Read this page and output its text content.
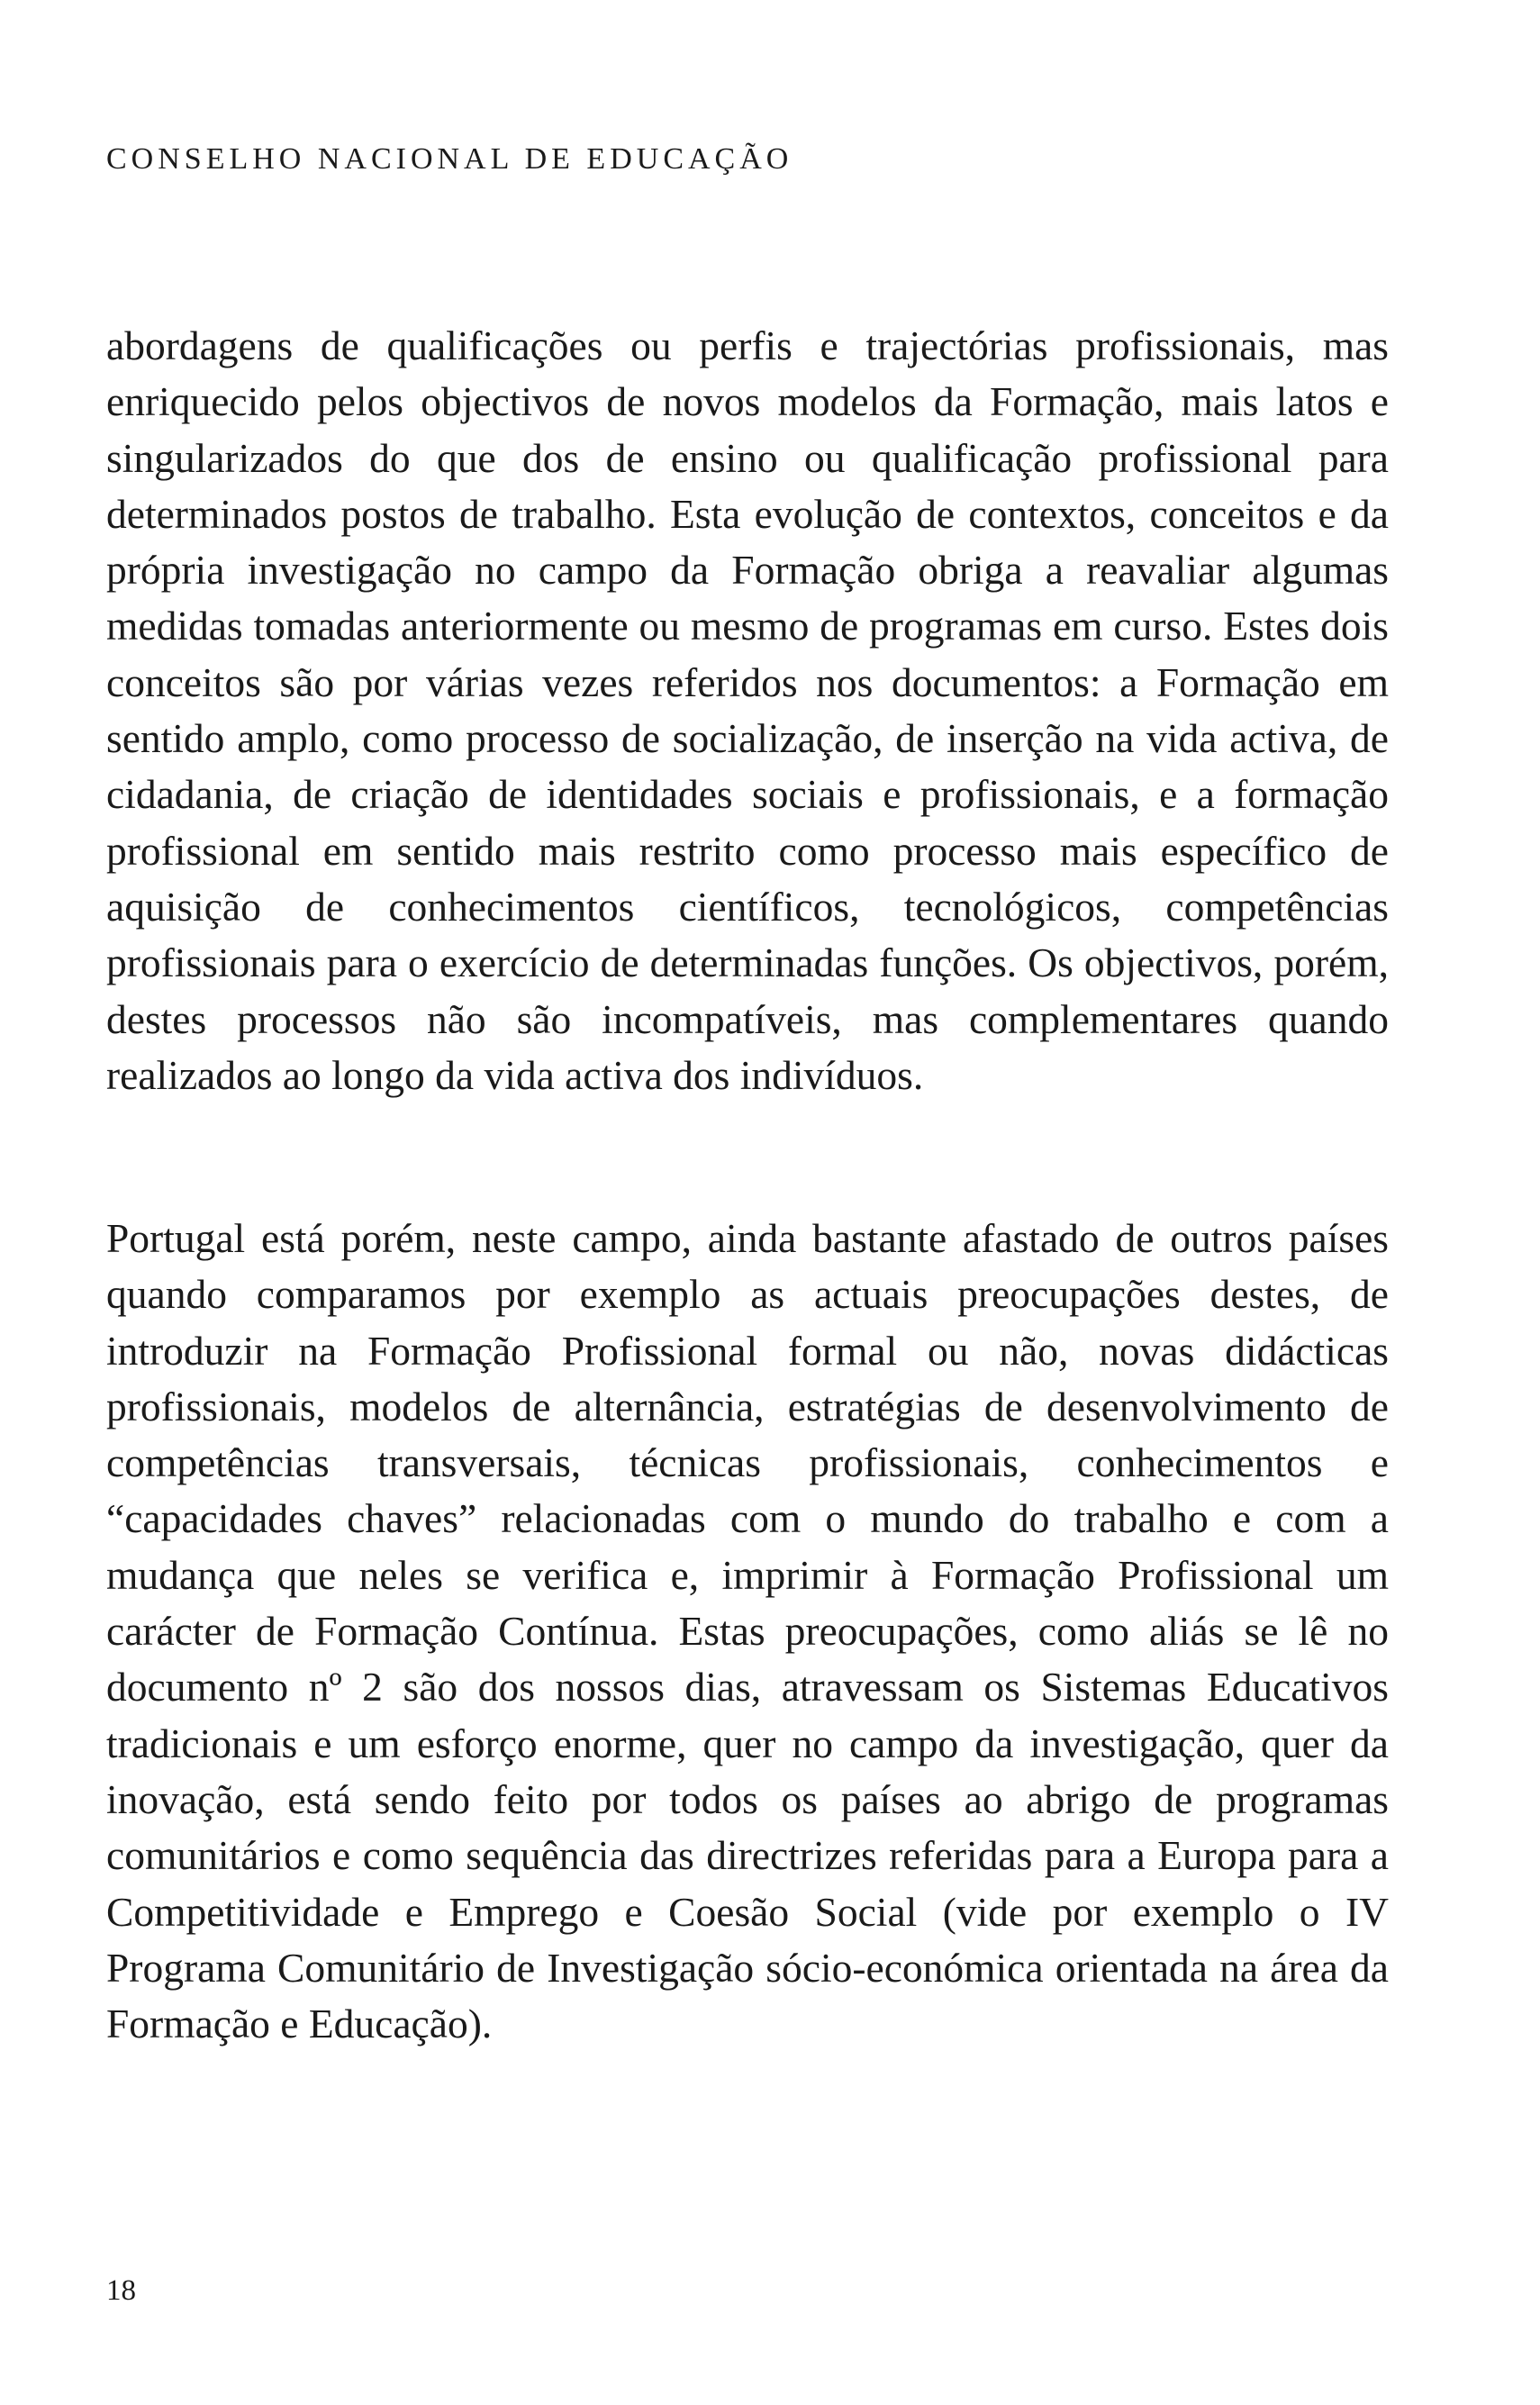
CONSELHO NACIONAL DE EDUCAÇÃO

abordagens de qualificações ou perfis e trajectórias profissionais, mas enriquecido pelos objectivos de novos modelos da Formação, mais latos e singularizados do que dos de ensino ou qualificação profissional para determinados postos de trabalho. Esta evolução de contextos, conceitos e da própria investigação no campo da Formação obriga a reavaliar algumas medidas tomadas anteriormente ou mesmo de programas em curso. Estes dois conceitos são por várias vezes referidos nos documentos: a Formação em sentido amplo, como processo de socialização, de inserção na vida activa, de cidadania, de criação de identidades sociais e profissionais, e a formação profissional em sentido mais restrito como processo mais específico de aquisição de conhecimentos científicos, tecnológicos, competências profissionais para o exercício de determinadas funções. Os objectivos, porém, destes processos não são incompatíveis, mas complementares quando realizados ao longo da vida activa dos indivíduos.

Portugal está porém, neste campo, ainda bastante afastado de outros países quando comparamos por exemplo as actuais preocupações destes, de introduzir na Formação Profissional formal ou não, novas didácticas profissionais, modelos de alternância, estratégias de desenvolvimento de competências transversais, técnicas profissionais, conhecimentos e “capacidades chaves” relacionadas com o mundo do trabalho e com a mudança que neles se verifica e, imprimir à Formação Profissional um carácter de Formação Contínua. Estas preocupações, como aliás se lê no documento nº 2 são dos nossos dias, atravessam os Sistemas Educativos tradicionais e um esforço enorme, quer no campo da investigação, quer da inovação, está sendo feito por todos os países ao abrigo de programas comunitários e como sequência das directrizes referidas para a Europa para a Competitividade e Emprego e Coesão Social (vide por exemplo o IV Programa Comunitário de Investigação sócio-económica orientada na área da Formação e Educação).

18
